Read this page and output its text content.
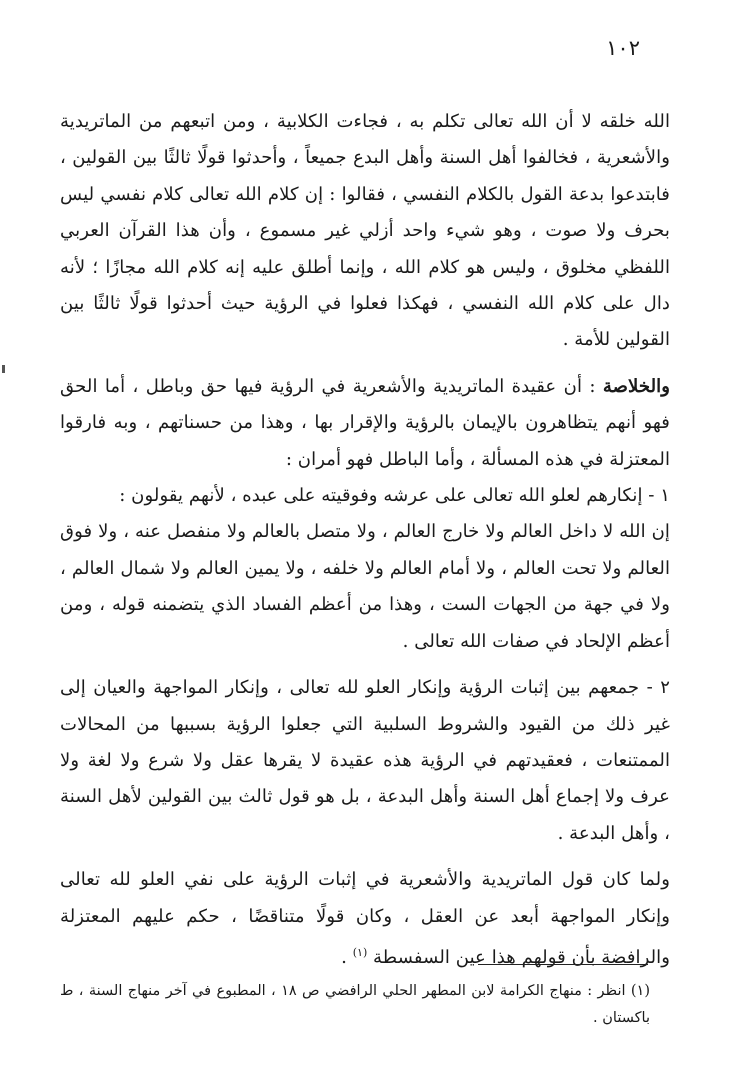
١٠٢

الله خلقه لا أن الله تعالى تكلم به ، فجاءت الكلابية ، ومن اتبعهم من الماتريدية والأشعرية ، فخالفوا أهل السنة وأهل البدع جميعاً ، وأحدثوا قولًا ثالثًا بين القولين ، فابتدعوا بدعة القول بالكلام النفسي ، فقالوا : إن كلام الله تعالى كلام نفسي ليس بحرف ولا صوت ، وهو شيء واحد أزلي غير مسموع ، وأن هذا القرآن العربي اللفظي مخلوق ، وليس هو كلام الله ، وإنما أطلق عليه إنه كلام الله مجازًا ؛ لأنه دال على كلام الله النفسي ، فهكذا فعلوا في الرؤية حيث أحدثوا قولًا ثالثًا بين القولين للأمة .

والخلاصة : أن عقيدة الماتريدية والأشعرية في الرؤية فيها حق وباطل ، أما الحق فهو أنهم يتظاهرون بالإيمان بالرؤية والإقرار بها ، وهذا من حسناتهم ، وبه فارقوا المعتزلة في هذه المسألة ، وأما الباطل فهو أمران :

١ - إنكارهم لعلو الله تعالى على عرشه وفوقيته على عبده ، لأنهم يقولون :

إن الله لا داخل العالم ولا خارج العالم ، ولا متصل بالعالم ولا منفصل عنه ، ولا فوق العالم ولا تحت العالم ، ولا أمام العالم ولا خلفه ، ولا يمين العالم ولا شمال العالم ، ولا في جهة من الجهات الست ، وهذا من أعظم الفساد الذي يتضمنه قوله ، ومن أعظم الإلحاد في صفات الله تعالى .

٢ - جمعهم بين إثبات الرؤية وإنكار العلو لله تعالى ، وإنكار المواجهة والعيان إلى غير ذلك من القيود والشروط السلبية التي جعلوا الرؤية بسببها من المحالات الممتنعات ، فعقيدتهم في الرؤية هذه عقيدة لا يقرها عقل ولا شرع ولا لغة ولا عرف ولا إجماع أهل السنة وأهل البدعة ، بل هو قول ثالث بين القولين لأهل السنة ، وأهل البدعة .

ولما كان قول الماتريدية والأشعرية في إثبات الرؤية على نفي العلو لله تعالى وإنكار المواجهة أبعد عن العقل ، وكان قولًا متناقضًا ، حكم عليهم المعتزلة والرافضة بأن قولهم هذا عين السفسطة $^{(١)}$ .

(١) انظر : منهاج الكرامة لابن المطهر الحلي الرافضي ص ١٨ ، المطبوع في آخر منهاج السنة ، ط باكستان .
